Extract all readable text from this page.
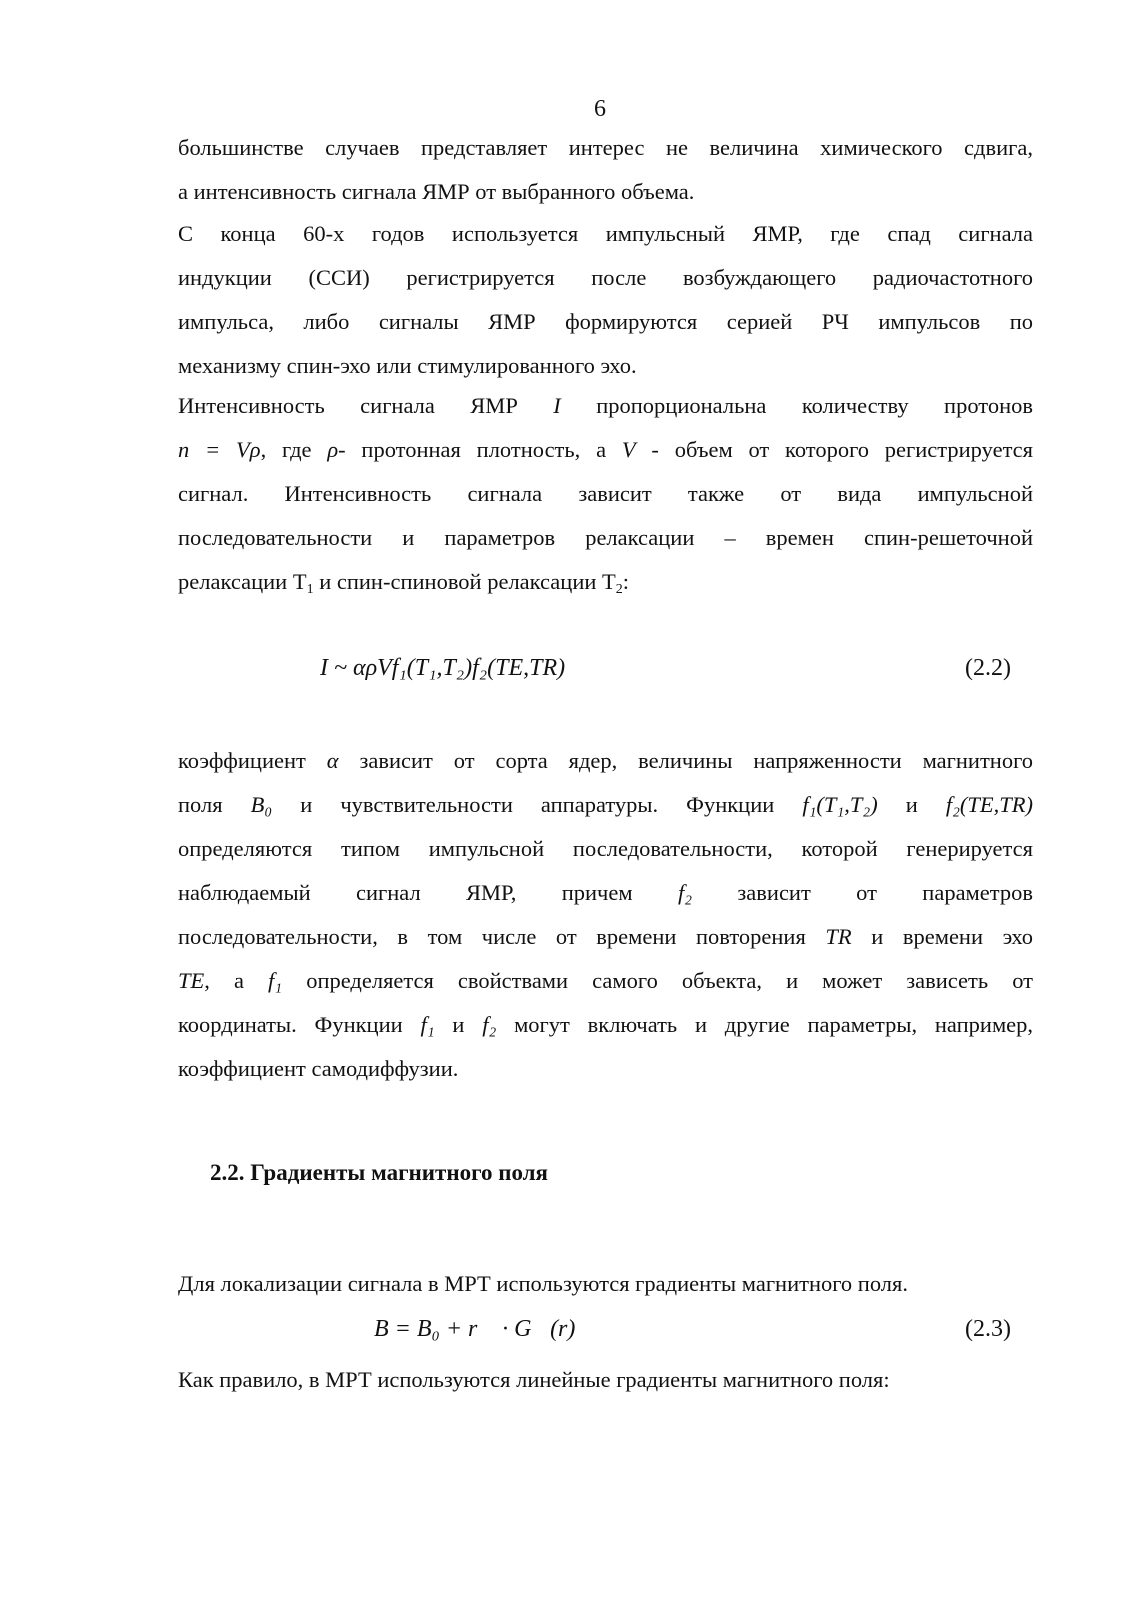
6
большинстве случаев представляет интерес не величина химического сдвига,
а интенсивность сигнала ЯМР от выбранного объема.
С конца 60-х годов используется импульсный ЯМР, где спад сигнала
индукции (ССИ) регистрируется после возбуждающего радиочастотного
импульса, либо сигналы ЯМР формируются серией РЧ импульсов по
механизму спин-эхо или стимулированного эхо.
Интенсивность сигнала ЯМР I пропорциональна количеству протонов
n = Vρ, где ρ- протонная плотность, а V - объем от которого регистрируется
сигнал. Интенсивность сигнала зависит также от вида импульсной
последовательности и параметров релаксации – времен спин-решеточной
релаксации $T_1$ и спин-спиновой релаксации $T_2$:
I ~ αρVf₁(T₁,T₂)f₂(TE,TR)	(2.2)
коэффициент α зависит от сорта ядер, величины напряженности магнитного
поля B₀ и чувствительности аппаратуры. Функции f₁(T₁,T₂) и f₂(TE,TR)
определяются типом импульсной последовательности, которой генерируется
наблюдаемый сигнал ЯМР, причем f₂ зависит от параметров
последовательности, в том числе от времени повторения TR и времени эхо
TE, а f₁ определяется свойствами самого объекта, и может зависеть от
координаты. Функции f₁ и f₂ могут включать и другие параметры, например,
коэффициент самодиффузии.
2.2. Градиенты магнитного поля
Для локализации сигнала в МРТ используются градиенты магнитного поля.
B = B₀ + r⃗ · G⃗(r)	(2.3)
Как правило, в МРТ используются линейные градиенты магнитного поля:
